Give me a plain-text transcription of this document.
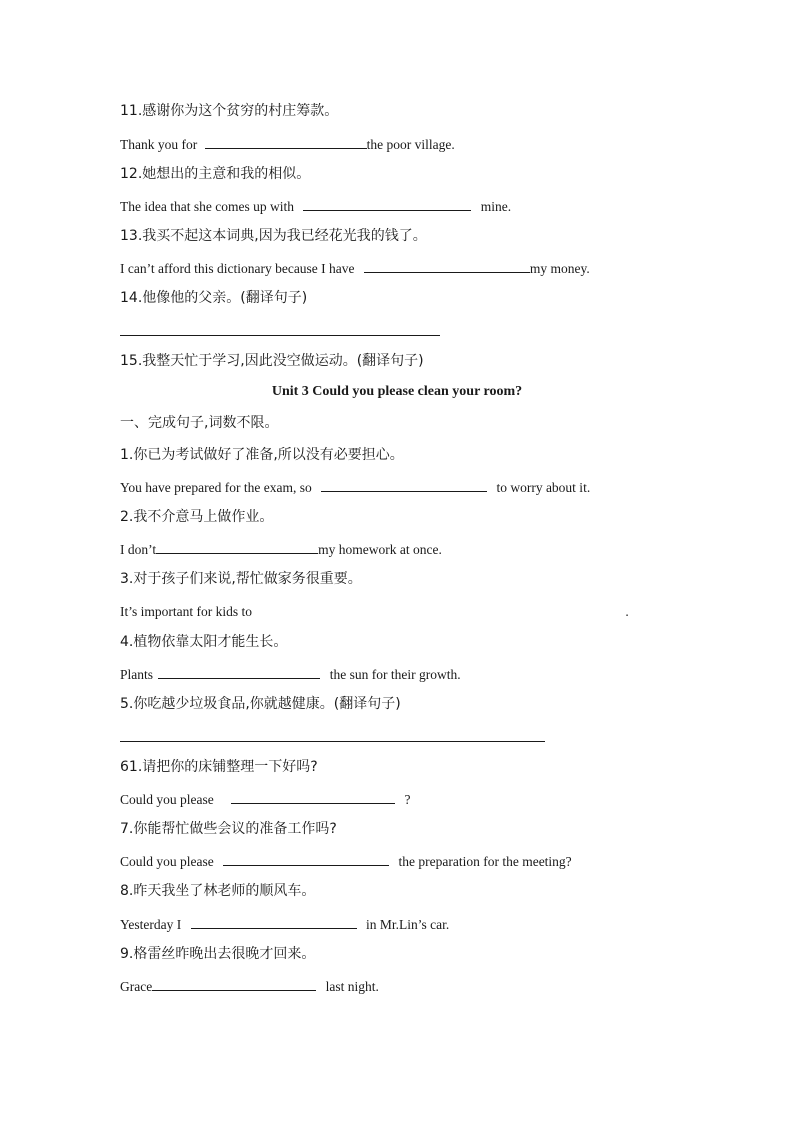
11.感谢你为这个贫穷的村庄筹款。
Thank you for	the poor village.
12.她想出的主意和我的相似。
The idea that she comes up with	mine.
13.我买不起这本词典,因为我已经花光我的钱了。
I can’t afford this dictionary because I have	my money.
14.他像他的父亲。(翻译句子)
15.我整天忙于学习,因此没空做运动。(翻译句子)
Unit 3 Could you please clean your room?
一、完成句子,词数不限。
1.你已为考试做好了准备,所以没有必要担心。
You have prepared for the exam, so	to worry about it.
2.我不介意马上做作业。
I don’t	my homework at once.
3.对于孩子们来说,帮忙做家务很重要。
It’s important for kids to	.
4.植物依靠太阳才能生长。
Plants	the sun for their growth.
5.你吃越少垃圾食品,你就越健康。(翻译句子)
61.请把你的床铺整理一下好吗?
Could you please	?
7.你能帮忙做些会议的准备工作吗?
Could you please	the preparation for the meeting?
8.昨天我坐了林老师的顺风车。
Yesterday I	in Mr.Lin’s car.
9.格雷丝昨晚出去很晚才回来。
Grace	last night.
